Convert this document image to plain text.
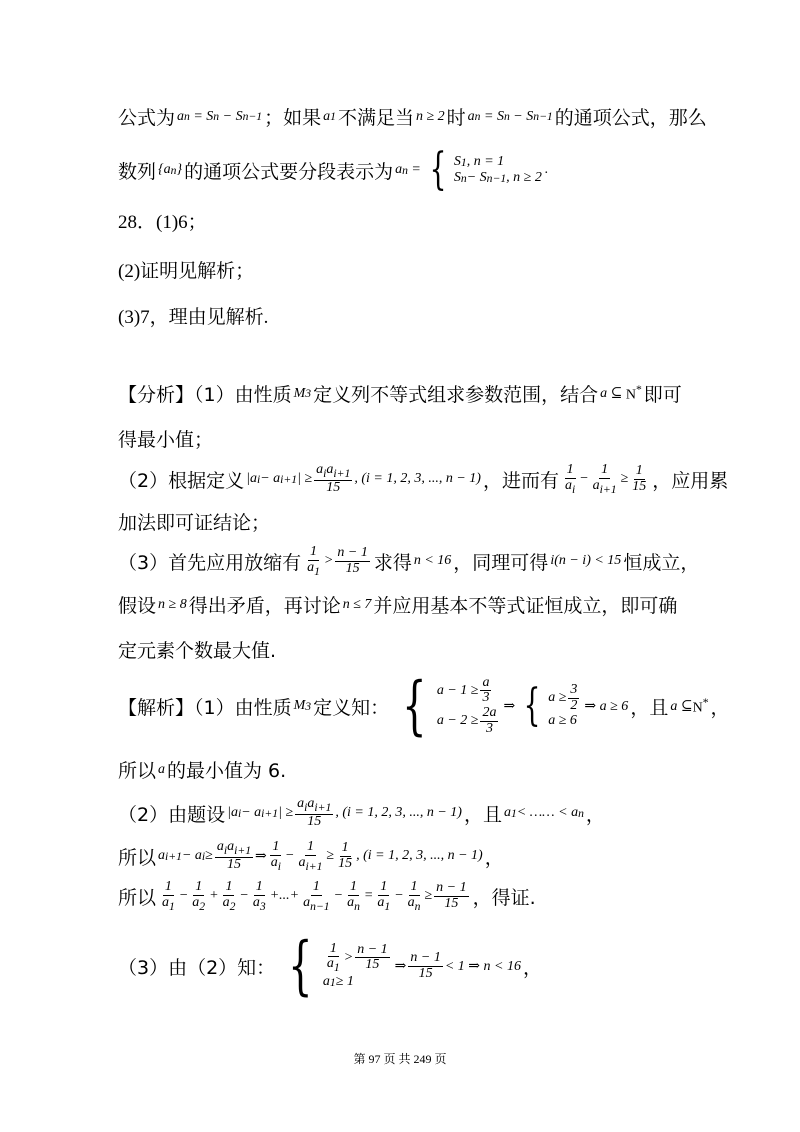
公式为 a n = S n − S n−1 ；如果 a 1 不满足当 n ≥ 2 时 a n = S n − S n−1 的通项公式，那么
数列 {a n } 的通项公式要分段表示为 a n = { S 1 , n = 1
S n − S n−1 , n ≥ 2
.
28．(1)6；
(2)证明见解析；
(3)7，理由见解析.
【分析】（1）由性质 M 3 定义列不等式组求参数范围，结合 a ⊆ N* 即可
得最小值；
（2）根据定义 |a i − a i+1 | ≥ $\frac{a_ia_{i+1}}{15}$ , (i = 1, 2, 3, ..., n − 1) ，进而有 $\frac{1}{a_i} - \frac{1}{a_{i+1}} \ge \frac{1}{15}$ ，应用累
加法即可证结论；
（3）首先应用放缩有 $\frac{1}{a_1} > \frac{n - 1}{15}$ 求得 n < 16 ，同理可得 i(n − i) < 15 恒成立，
假设 n ≥ 8 得出矛盾，再讨论 n ≤ 7 并应用基本不等式证恒成立，即可确
定元素个数最大值.
【解析】（1）由性质 M 3 定义知： { $a - 1 \ge \frac{a}{3}$
$a - 2 \ge \frac{2a}{3}$ ⇒ { $a \ge \frac{3}{2}$
a ≥ 6
⇒ a ≥ 6 ，且 a ⊆ N* ，
所以 a 的最小值为 6.
（2）由题设 |a i − a i+1 | ≥ $\frac{a_ia_{i+1}}{15}$ , (i = 1, 2, 3, ..., n − 1) ，且 a 1 < …… < a n ，
所以 a i+1 − a $i \ge \frac{a_ia_{i+1}}{15}$ ⇒ $\frac{1}{a_i} - \frac{1}{a_{i+1}} \ge \frac{1}{15}$ , (i = 1, 2, 3, ..., n − 1) ，
所以 $\frac{1}{a_1} - \frac{1}{a_2} + \frac{1}{a_2} - \frac{1}{a_3}$ +...+ $\frac{1}{a_{n-1}} - \frac{1}{a_n} = \frac{1}{a_1} - \frac{1}{a_n} \ge \frac{n - 1}{15}$ ，得证.
（3）由（2）知： { $\frac{1}{a_1} > \frac{n - 1}{15}$
a 1 ≥ 1
⇒ $\frac{n - 1}{15} < 1$ ⇒ n < 16 ，
第 97 页 共 249 页
